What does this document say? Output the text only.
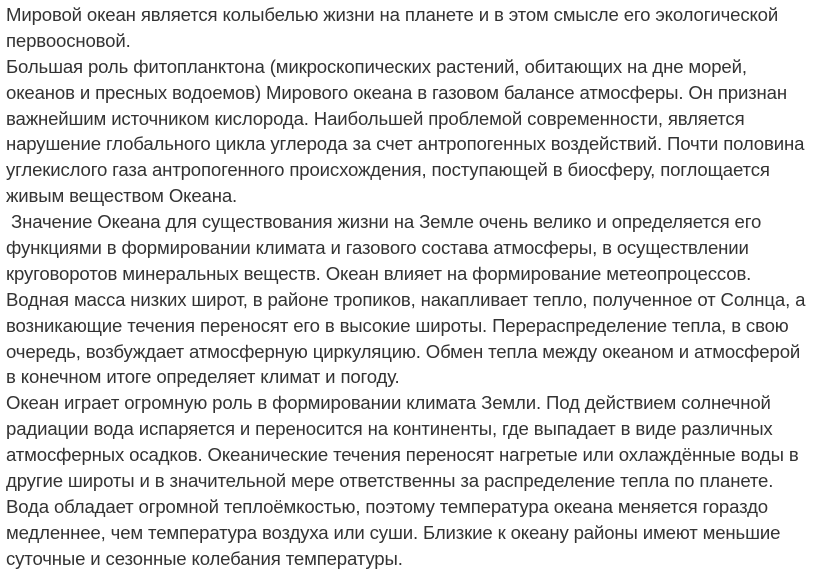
Мировой океан является колыбелью жизни на планете и в этом смысле его экологической
первоосновой.
Большая роль фитопланктона (микроскопических растений, обитающих на дне морей,
океанов и пресных водоемов) Мирового океана в газовом балансе атмосферы. Он признан
важнейшим источником кислорода. Наибольшей проблемой современности, является
нарушение глобального цикла углерода за счет антропогенных воздействий. Почти половина
углекислого газа антропогенного происхождения, поступающей в биосферу, поглощается
живым веществом Океана.
Значение Океана для существования жизни на Земле очень велико и определяется его
функциями в формировании климата и газового состава атмосферы, в осуществлении
круговоротов минеральных веществ. Океан влияет на формирование метеопроцессов.
Водная масса низких широт, в районе тропиков, накапливает тепло, полученное от Солнца, а
возникающие течения переносят его в высокие широты. Перераспределение тепла, в свою
очередь, возбуждает атмосферную циркуляцию. Обмен тепла между океаном и атмосферой
в конечном итоге определяет климат и погоду.
Океан играет огромную роль в формировании климата Земли. Под действием солнечной
радиации вода испаряется и переносится на континенты, где выпадает в виде различных
атмосферных осадков. Океанические течения переносят нагретые или охлаждённые воды в
другие широты и в значительной мере ответственны за распределение тепла по планете.
Вода обладает огромной теплоёмкостью, поэтому температура океана меняется гораздо
медленнее, чем температура воздуха или суши. Близкие к океану районы имеют меньшие
суточные и сезонные колебания температуры.
